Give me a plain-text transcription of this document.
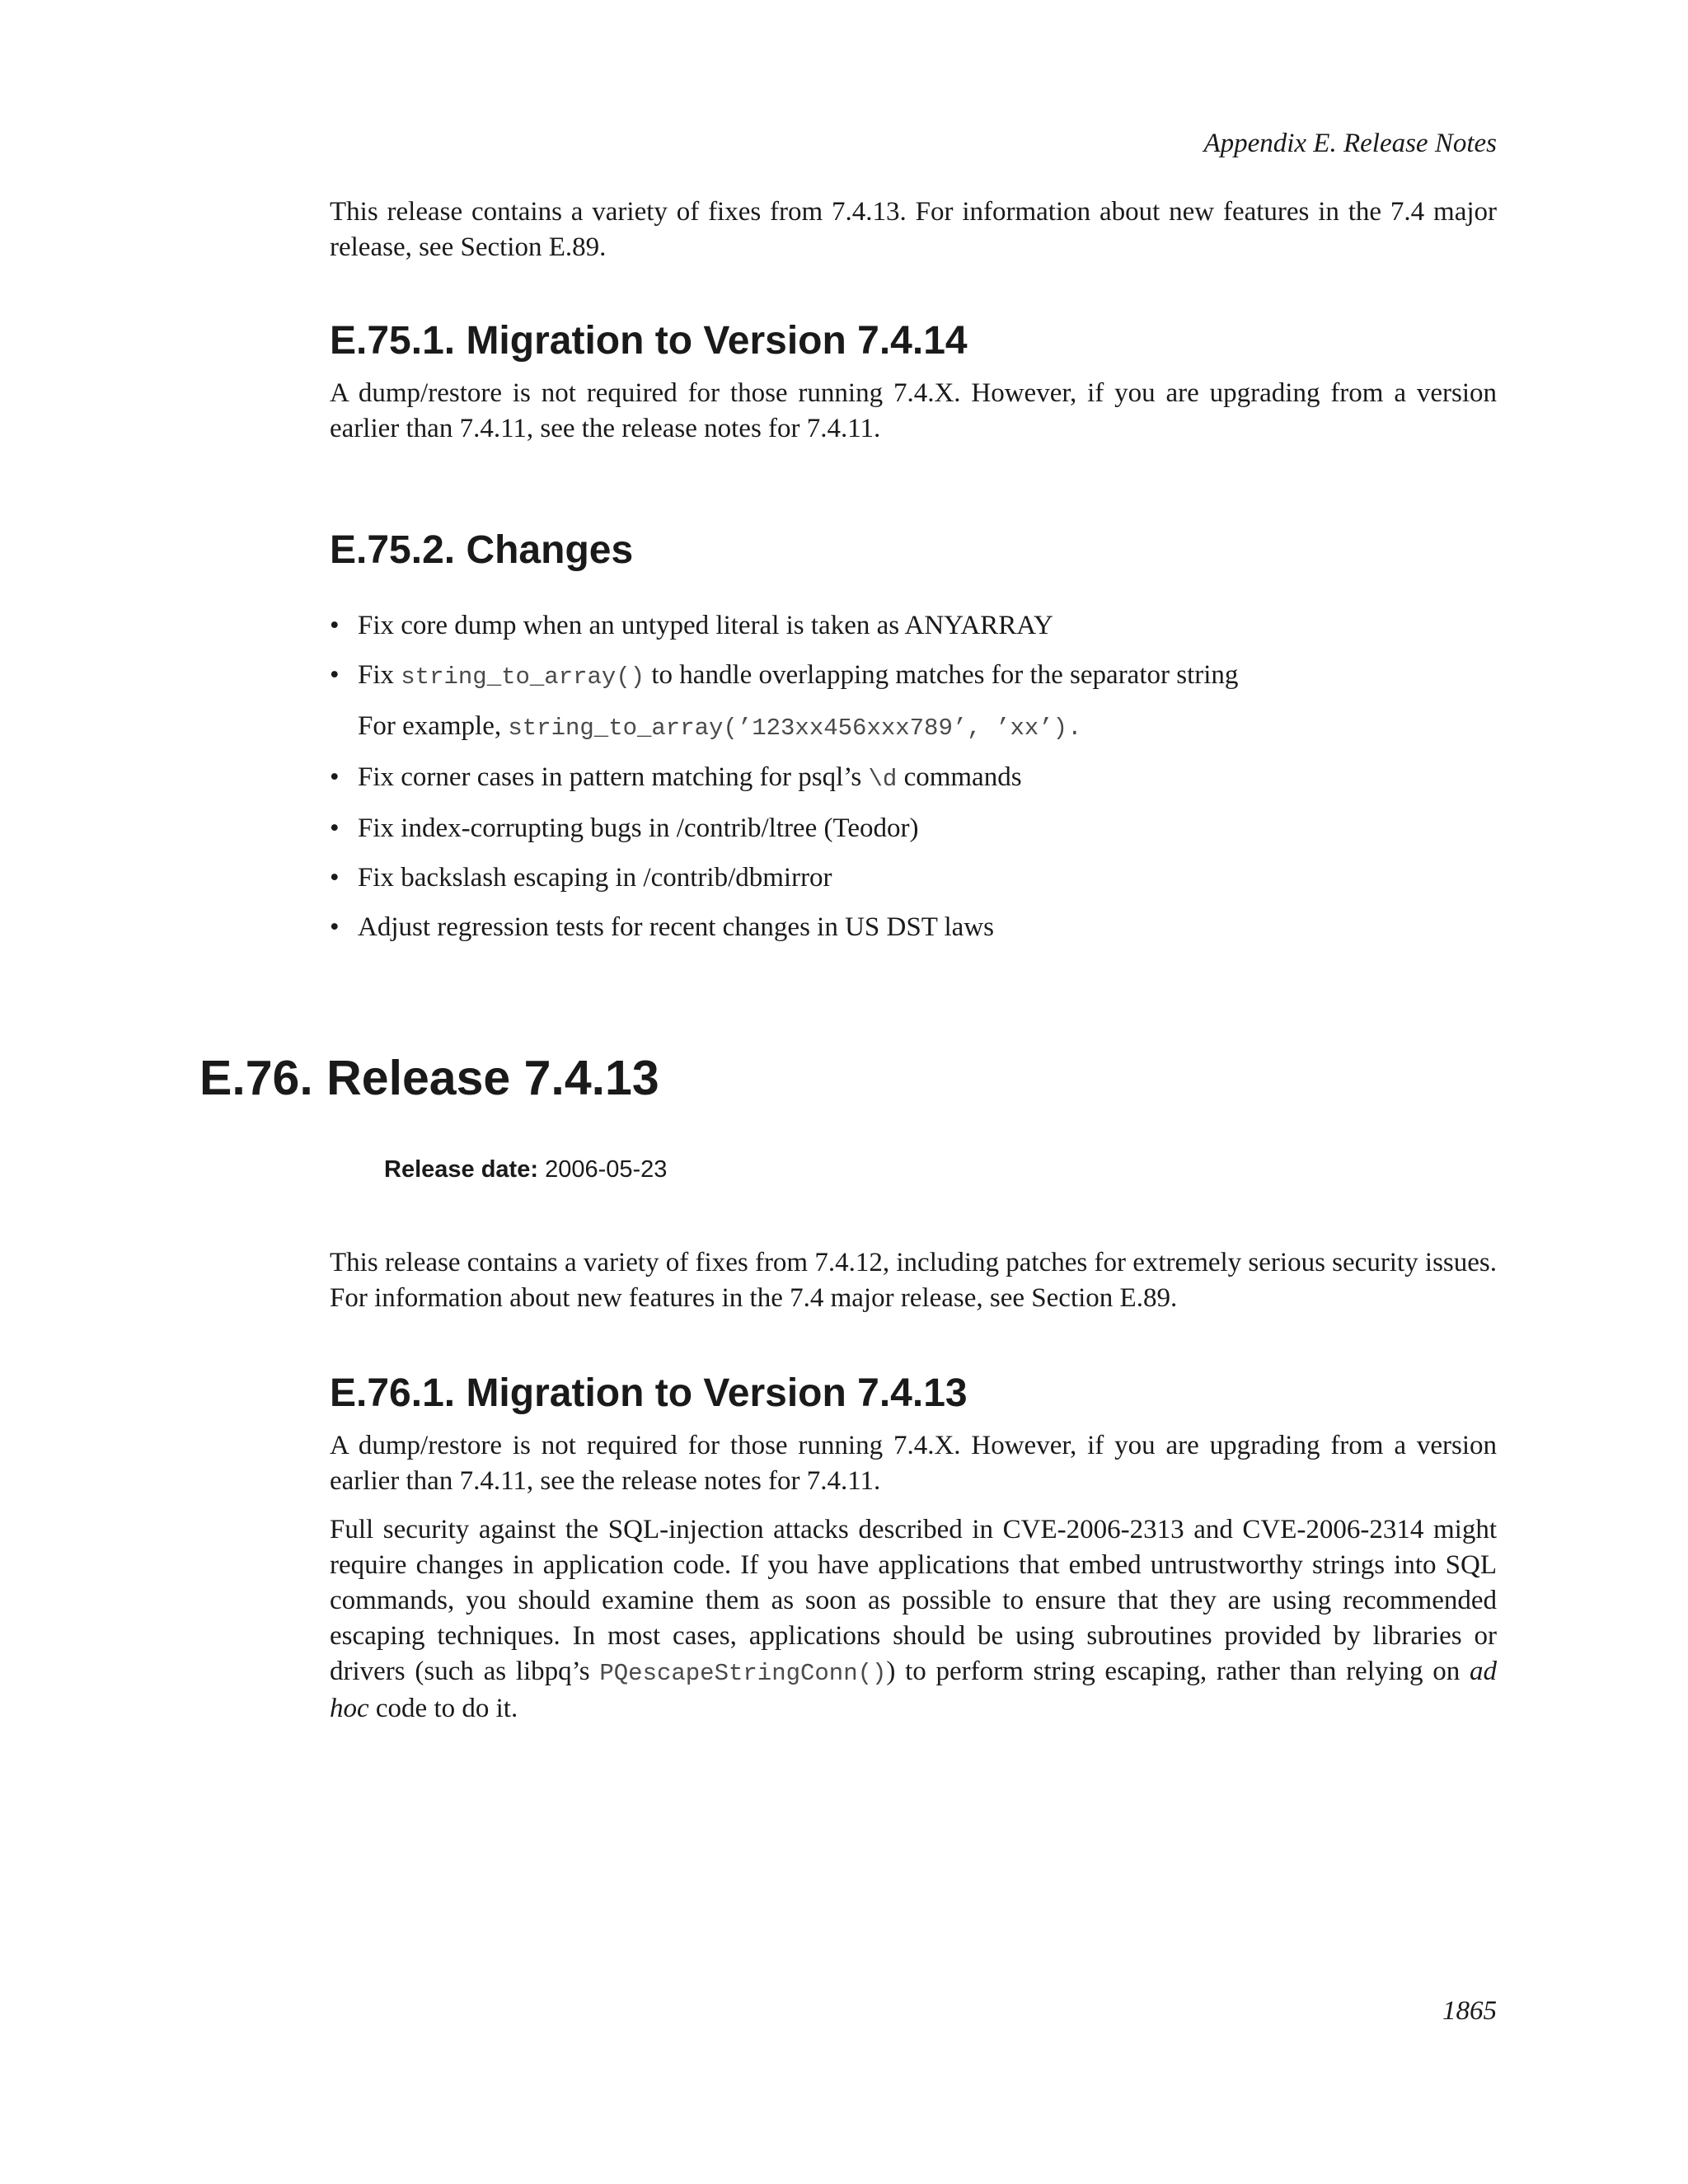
Appendix E. Release Notes

This release contains a variety of fixes from 7.4.13. For information about new features in the 7.4 major release, see Section E.89.

E.75.1. Migration to Version 7.4.14

A dump/restore is not required for those running 7.4.X. However, if you are upgrading from a version earlier than 7.4.11, see the release notes for 7.4.11.

E.75.2. Changes
• Fix core dump when an untyped literal is taken as ANYARRAY
• Fix string_to_array() to handle overlapping matches for the separator string
For example, string_to_array(’123xx456xxx789’, ’xx’).
• Fix corner cases in pattern matching for psql’s \d commands
• Fix index-corrupting bugs in /contrib/ltree (Teodor)
• Fix backslash escaping in /contrib/dbmirror
• Adjust regression tests for recent changes in US DST laws
E.76. Release 7.4.13
Release date: 2006-05-23

This release contains a variety of fixes from 7.4.12, including patches for extremely serious security issues. For information about new features in the 7.4 major release, see Section E.89.

E.76.1. Migration to Version 7.4.13

A dump/restore is not required for those running 7.4.X. However, if you are upgrading from a version earlier than 7.4.11, see the release notes for 7.4.11.

Full security against the SQL-injection attacks described in CVE-2006-2313 and CVE-2006-2314 might require changes in application code. If you have applications that embed untrustworthy strings into SQL commands, you should examine them as soon as possible to ensure that they are using recommended escaping techniques. In most cases, applications should be using subroutines provided by libraries or drivers (such as libpq’s PQescapeStringConn()) to perform string escaping, rather than relying on ad hoc code to do it.

1865
